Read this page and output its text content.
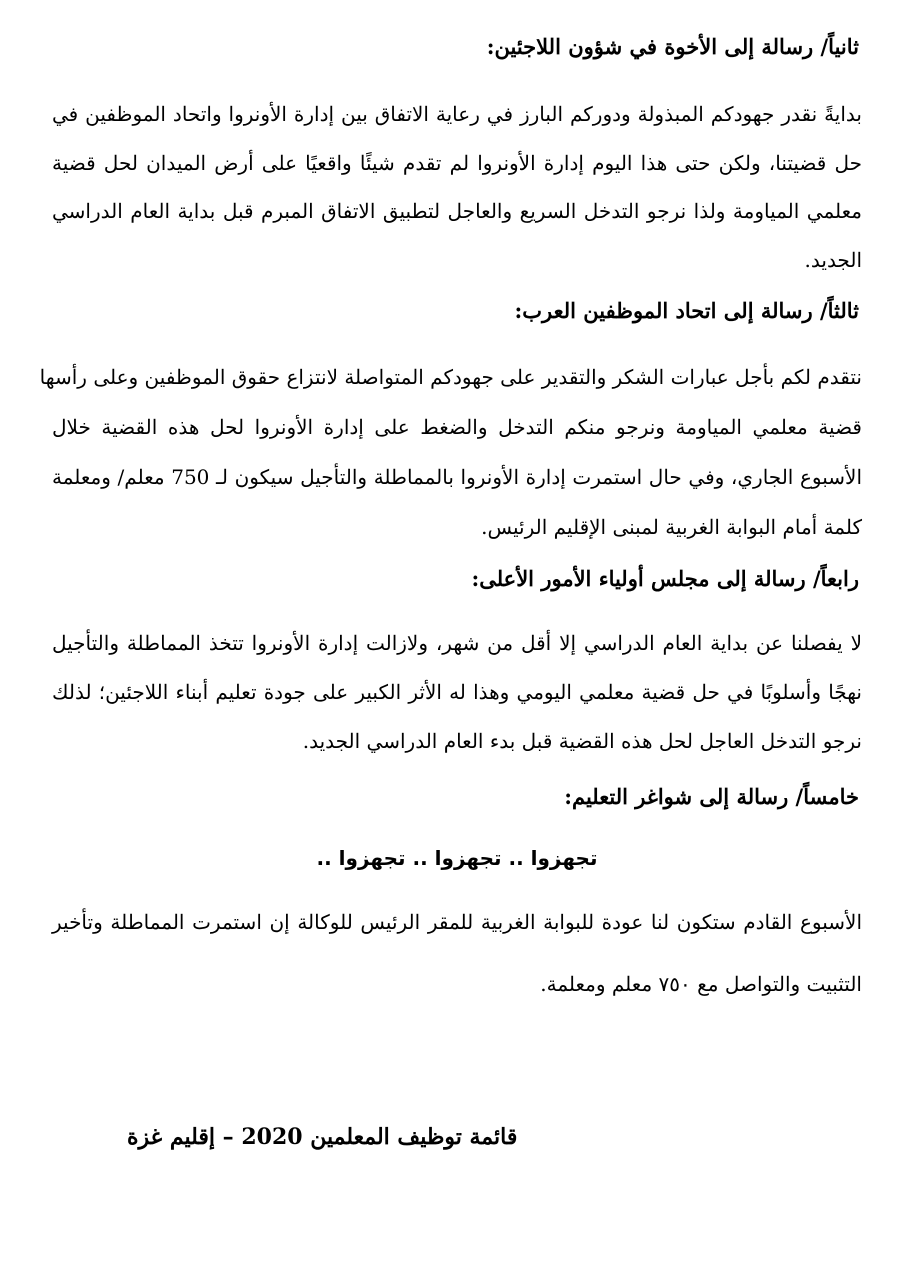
ثانياً/ رسالة إلى الأخوة في شؤون اللاجئين:
بدايةً نقدر جهودكم المبذولة ودوركم البارز في رعاية الاتفاق بين إدارة الأونروا واتحاد الموظفين في
حل قضيتنا، ولكن حتى هذا اليوم إدارة الأونروا لم تقدم شيئًا واقعيًا على أرض الميدان لحل قضية
معلمي المياومة ولذا نرجو التدخل السريع والعاجل لتطبيق الاتفاق المبرم قبل بداية العام الدراسي
الجديد.
ثالثاً/ رسالة إلى اتحاد الموظفين العرب:
نتقدم لكم بأجل عبارات الشكر والتقدير على جهودكم المتواصلة لانتزاع حقوق الموظفين وعلى رأسها
قضية معلمي المياومة ونرجو منكم التدخل والضغط على إدارة الأونروا لحل هذه القضية خلال
الأسبوع الجاري، وفي حال استمرت إدارة الأونروا بالمماطلة والتأجيل سيكون لـ 750 معلم/ ومعلمة
كلمة أمام البوابة الغربية لمبنى الإقليم الرئيس.
رابعاً/ رسالة إلى مجلس أولياء الأمور الأعلى:
لا يفصلنا عن بداية العام الدراسي إلا أقل من شهر، ولازالت إدارة الأونروا تتخذ المماطلة والتأجيل
نهجًا وأسلوبًا في حل قضية معلمي اليومي وهذا له الأثر الكبير على جودة تعليم أبناء اللاجئين؛ لذلك
نرجو التدخل العاجل لحل هذه القضية قبل بدء العام الدراسي الجديد.
خامساً/ رسالة إلى شواغر التعليم:
تجهزوا .. تجهزوا .. تجهزوا ..
الأسبوع القادم ستكون لنا عودة للبوابة الغربية للمقر الرئيس للوكالة إن استمرت المماطلة وتأخير
التثبيت والتواصل مع ٧٥٠ معلم ومعلمة.
قائمة توظيف المعلمين 2020 – إقليم غزة
